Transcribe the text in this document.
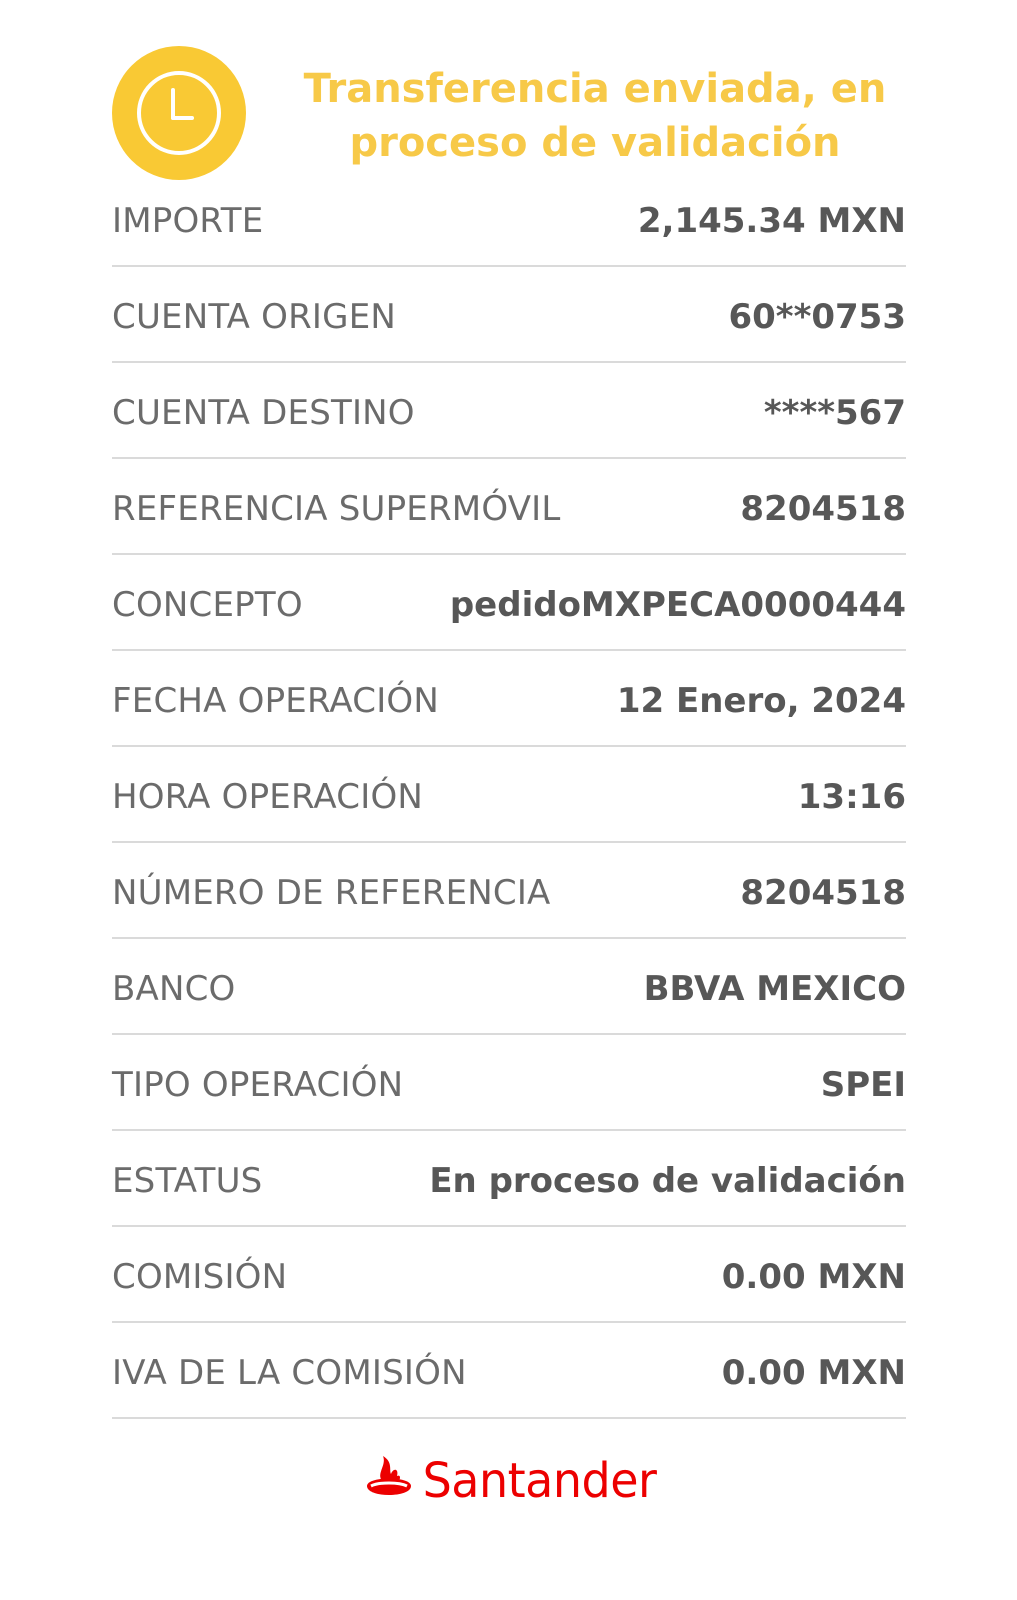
Transferencia enviada, en proceso de validación
IMPORTE	2,145.34 MXN
CUENTA ORIGEN	60**0753
CUENTA DESTINO	****567
REFERENCIA SUPERMÓVIL	8204518
CONCEPTO	pedidoMXPECA0000444
FECHA OPERACIÓN	12 Enero, 2024
HORA OPERACIÓN	13:16
NÚMERO DE REFERENCIA	8204518
BANCO	BBVA MEXICO
TIPO OPERACIÓN	SPEI
ESTATUS	En proceso de validación
COMISIÓN	0.00 MXN
IVA DE LA COMISIÓN	0.00 MXN
Santander
